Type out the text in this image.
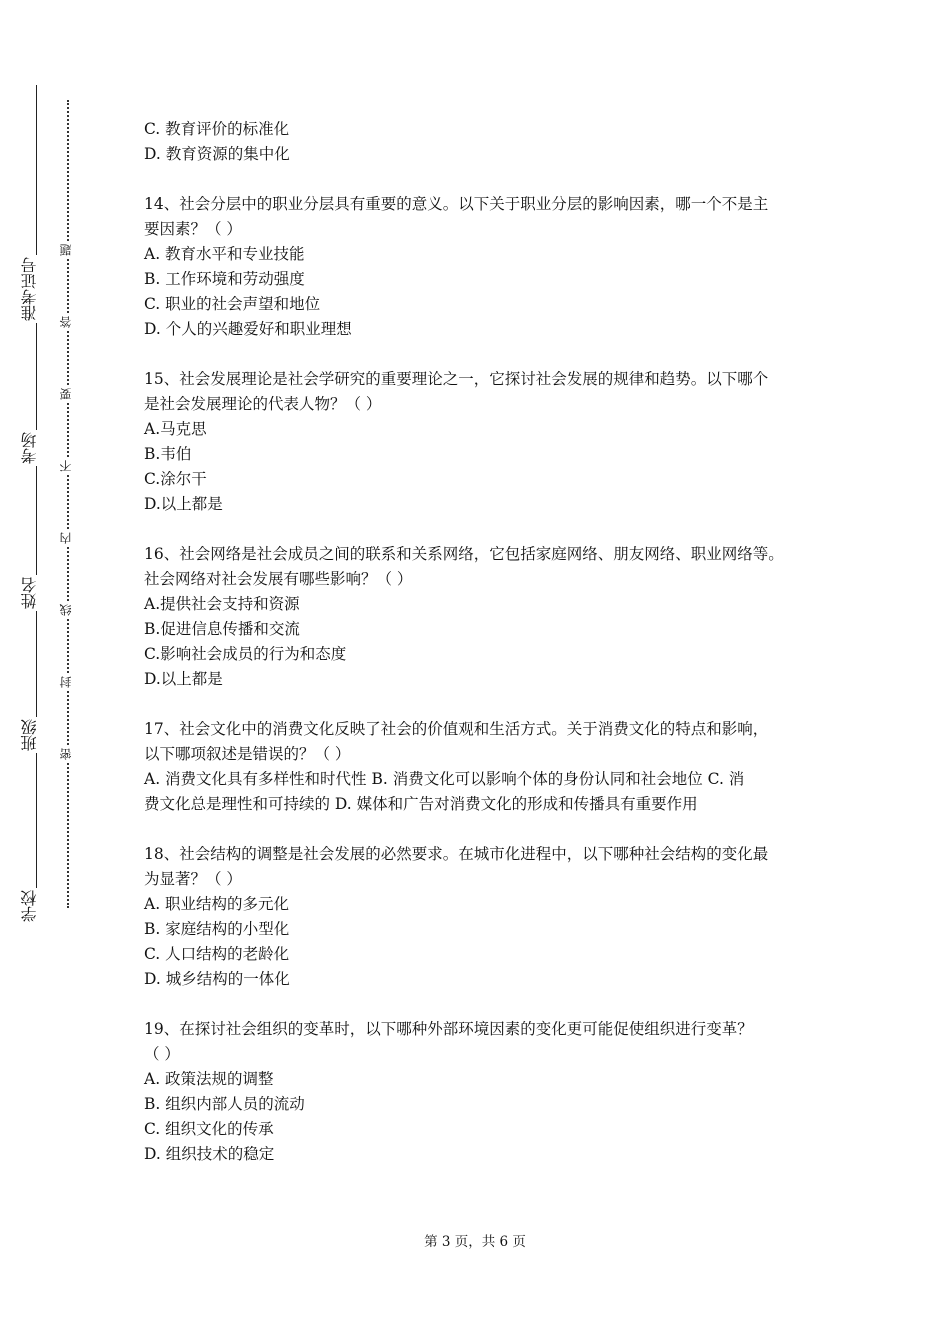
准考证号
考场
姓名
班级
学校
题
答
要
不
内
线
封
密
C. 教育评价的标准化
D. 教育资源的集中化
14、社会分层中的职业分层具有重要的意义。以下关于职业分层的影响因素，哪一个不是主
要因素？（ ）
A. 教育水平和专业技能
B. 工作环境和劳动强度
C. 职业的社会声望和地位
D. 个人的兴趣爱好和职业理想
15、社会发展理论是社会学研究的重要理论之一，它探讨社会发展的规律和趋势。以下哪个
是社会发展理论的代表人物？（ ）
A.马克思
B.韦伯
C.涂尔干
D.以上都是
16、社会网络是社会成员之间的联系和关系网络，它包括家庭网络、朋友网络、职业网络等。
社会网络对社会发展有哪些影响？（ ）
A.提供社会支持和资源
B.促进信息传播和交流
C.影响社会成员的行为和态度
D.以上都是
17、社会文化中的消费文化反映了社会的价值观和生活方式。关于消费文化的特点和影响，
以下哪项叙述是错误的？（ ）
A. 消费文化具有多样性和时代性 B. 消费文化可以影响个体的身份认同和社会地位 C. 消
费文化总是理性和可持续的 D. 媒体和广告对消费文化的形成和传播具有重要作用
18、社会结构的调整是社会发展的必然要求。在城市化进程中，以下哪种社会结构的变化最
为显著？（ ）
A. 职业结构的多元化
B. 家庭结构的小型化
C. 人口结构的老龄化
D. 城乡结构的一体化
19、在探讨社会组织的变革时，以下哪种外部环境因素的变化更可能促使组织进行变革？
（ ）
A. 政策法规的调整
B. 组织内部人员的流动
C. 组织文化的传承
D. 组织技术的稳定
第 3 页，共 6 页
